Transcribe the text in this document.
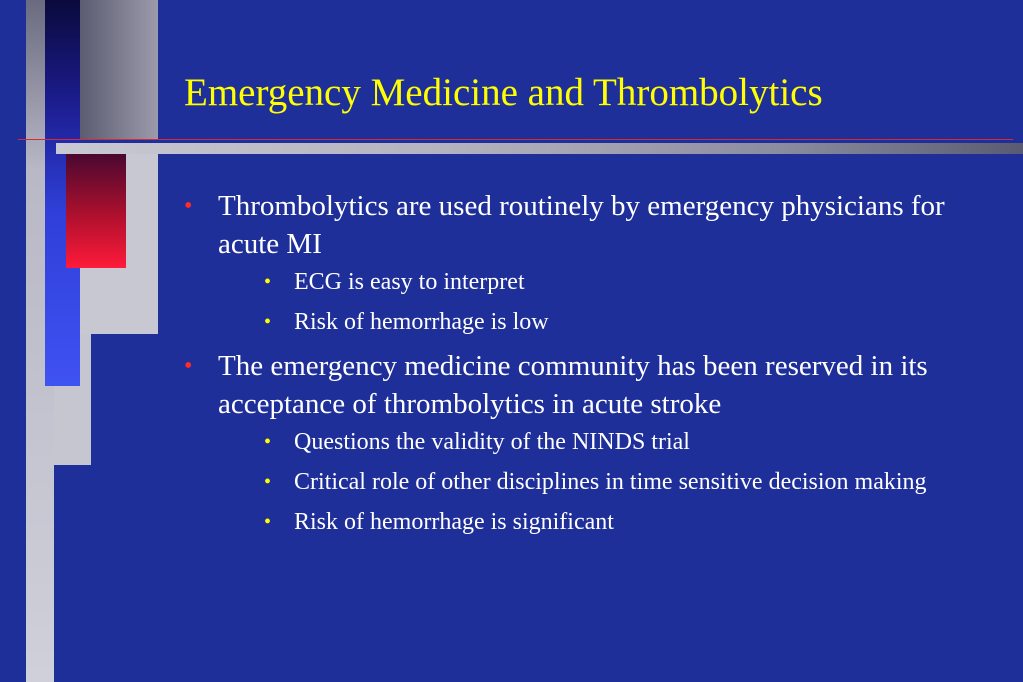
Emergency Medicine and Thrombolytics
• Thrombolytics are used routinely by emergency physicians for acute MI
• ECG is easy to interpret
• Risk of hemorrhage is low
• The emergency medicine community has been reserved in its acceptance of thrombolytics in acute stroke
• Questions the validity of the NINDS trial
• Critical role of other disciplines in time sensitive decision making
• Risk of hemorrhage is significant
